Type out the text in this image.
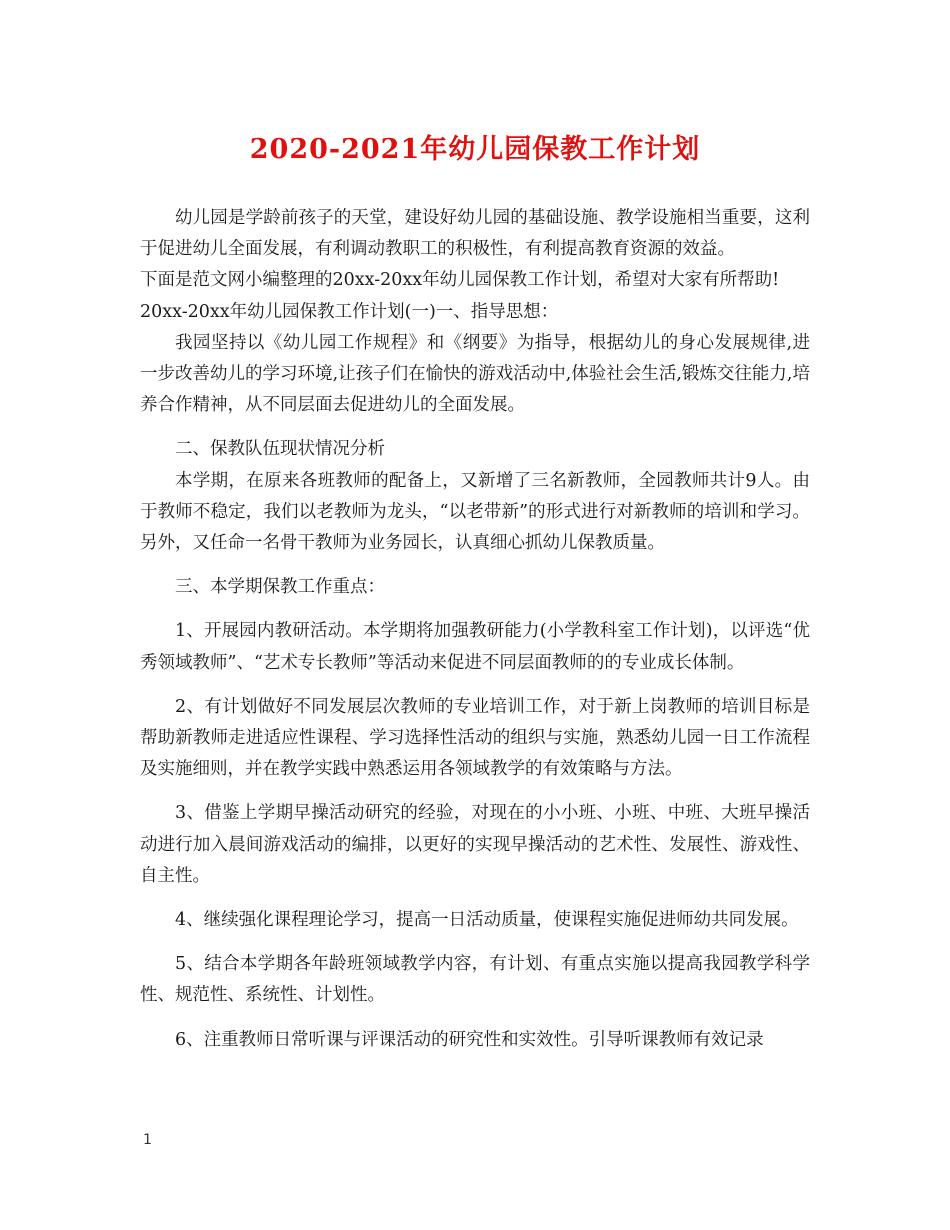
2020-2021年幼儿园保教工作计划

幼儿园是学龄前孩子的天堂，建设好幼儿园的基础设施、教学设施相当重要，这利于促进幼儿全面发展，有利调动教职工的积极性，有利提高教育资源的效益。

下面是范文网小编整理的20xx-20xx年幼儿园保教工作计划，希望对大家有所帮助!

20xx-20xx年幼儿园保教工作计划(一)一、指导思想：

我园坚持以《幼儿园工作规程》和《纲要》为指导，根据幼儿的身心发展规律,进一步改善幼儿的学习环境,让孩子们在愉快的游戏活动中,体验社会生活,锻炼交往能力,培养合作精神，从不同层面去促进幼儿的全面发展。

二、保教队伍现状情况分析

本学期，在原来各班教师的配备上，又新增了三名新教师，全园教师共计9人。由于教师不稳定，我们以老教师为龙头，“以老带新”的形式进行对新教师的培训和学习。另外，又任命一名骨干教师为业务园长，认真细心抓幼儿保教质量。

三、本学期保教工作重点：

1、开展园内教研活动。本学期将加强教研能力(小学教科室工作计划)，以评选“优秀领域教师”、“艺术专长教师”等活动来促进不同层面教师的的专业成长体制。

2、有计划做好不同发展层次教师的专业培训工作，对于新上岗教师的培训目标是帮助新教师走进适应性课程、学习选择性活动的组织与实施，熟悉幼儿园一日工作流程及实施细则，并在教学实践中熟悉运用各领域教学的有效策略与方法。

3、借鉴上学期早操活动研究的经验，对现在的小小班、小班、中班、大班早操活动进行加入晨间游戏活动的编排，以更好的实现早操活动的艺术性、发展性、游戏性、自主性。

4、继续强化课程理论学习，提高一日活动质量，使课程实施促进师幼共同发展。

5、结合本学期各年龄班领域教学内容，有计划、有重点实施以提高我园教学科学性、规范性、系统性、计划性。

6、注重教师日常听课与评课活动的研究性和实效性。引导听课教师有效记录

1
